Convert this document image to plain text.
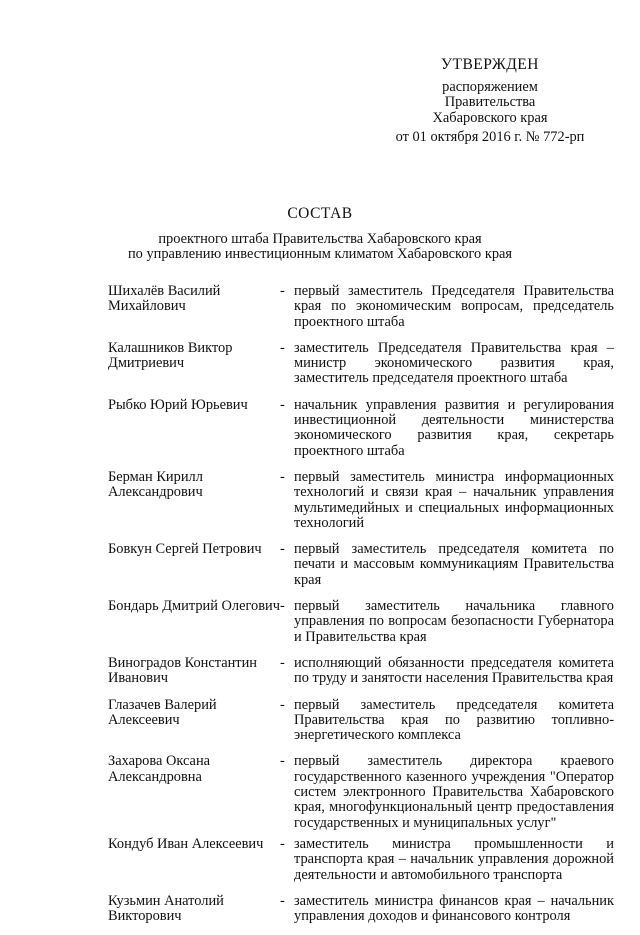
УТВЕРЖДЕН
распоряжением
Правительства
Хабаровского края
от 01 октября 2016 г. № 772-рп
СОСТАВ
проектного штаба Правительства Хабаровского края
по управлению инвестиционным климатом Хабаровского края
Шихалёв Василий Михайлович
- первый заместитель Председателя Правительства края по экономическим вопросам, председатель проектного штаба
Калашников Виктор Дмитриевич
- заместитель Председателя Правительства края – министр экономического развития края, заместитель председателя проектного штаба
Рыбко Юрий Юрьевич	- начальник управления развития и регулирования инвестиционной деятельности министерства экономического развития края, секретарь проектного штаба
Берман Кирилл Александрович
- первый заместитель министра информационных технологий и связи края – начальник управления мультимедийных и специальных информационных технологий
Бовкун Сергей Петрович	- первый заместитель председателя комитета по печати и массовым коммуникациям Правительства края
Бондарь Дмитрий Олегович - первый заместитель начальника главного управления по вопросам безопасности Губернатора и Правительства края
Виноградов Константин Иванович
- исполняющий обязанности председателя комитета по труду и занятости населения Правительства края
Глазачев Валерий Алексеевич
- первый заместитель председателя комитета Правительства края по развитию топливно-энергетического комплекса
Захарова Оксана Александровна
- первый заместитель директора краевого государственного казенного учреждения "Оператор систем электронного Правительства Хабаровского края, многофункциональный центр предоставления государственных и муниципальных услуг"
Кондуб Иван Алексеевич	- заместитель министра промышленности и транспорта края – начальник управления дорожной деятельности и автомобильного транспорта
Кузьмин Анатолий Викторович
- заместитель министра финансов края – начальник управления доходов и финансового контроля
